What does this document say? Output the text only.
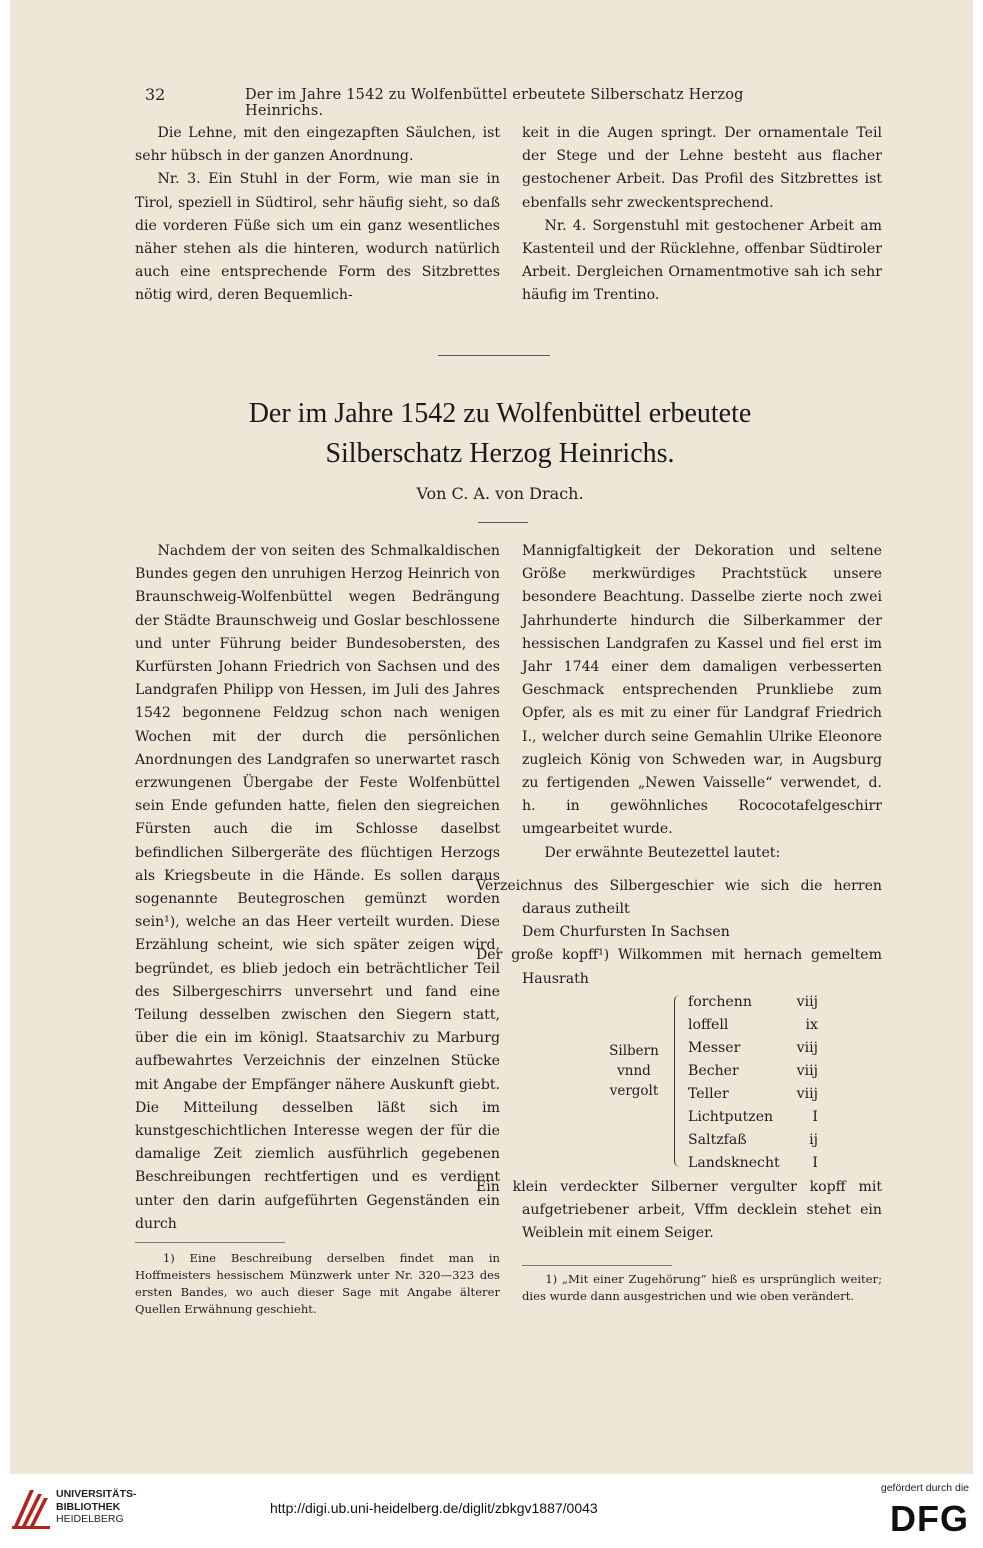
32	Der im Jahre 1542 zu Wolfenbüttel erbeutete Silberschatz Herzog Heinrichs.

Die Lehne, mit den eingezapften Säulchen, ist sehr hübsch in der ganzen Anordnung.

Nr. 3. Ein Stuhl in der Form, wie man sie in Tirol, speziell in Südtirol, sehr häufig sieht, so daß die vorderen Füße sich um ein ganz wesentliches näher stehen als die hinteren, wodurch natürlich auch eine entsprechende Form des Sitzbrettes nötig wird, deren Bequemlich-

keit in die Augen springt. Der ornamentale Teil der Stege und der Lehne besteht aus flacher gestochener Arbeit. Das Profil des Sitzbrettes ist ebenfalls sehr zweckentsprechend.

Nr. 4. Sorgenstuhl mit gestochener Arbeit am Kastenteil und der Rücklehne, offenbar Südtiroler Arbeit. Dergleichen Ornamentmotive sah ich sehr häufig im Trentino.

Der im Jahre 1542 zu Wolfenbüttel erbeutete
Silberschatz Herzog Heinrichs.
Von C. A. von Drach.

Nachdem der von seiten des Schmalkaldischen Bundes gegen den unruhigen Herzog Heinrich von Braunschweig-Wolfenbüttel wegen Bedrängung der Städte Braunschweig und Goslar beschlossene und unter Führung beider Bundesobersten, des Kurfürsten Johann Friedrich von Sachsen und des Landgrafen Philipp von Hessen, im Juli des Jahres 1542 begonnene Feldzug schon nach wenigen Wochen mit der durch die persönlichen Anordnungen des Landgrafen so unerwartet rasch erzwungenen Übergabe der Feste Wolfenbüttel sein Ende gefunden hatte, fielen den siegreichen Fürsten auch die im Schlosse daselbst befindlichen Silbergeräte des flüchtigen Herzogs als Kriegsbeute in die Hände. Es sollen daraus sogenannte Beutegroschen gemünzt worden sein¹), welche an das Heer verteilt wurden. Diese Erzählung scheint, wie sich später zeigen wird, begründet, es blieb jedoch ein beträchtlicher Teil des Silbergeschirrs unversehrt und fand eine Teilung desselben zwischen den Siegern statt, über die ein im königl. Staatsarchiv zu Marburg aufbewahrtes Verzeichnis der einzelnen Stücke mit Angabe der Empfänger nähere Auskunft giebt. Die Mitteilung desselben läßt sich im kunstgeschichtlichen Interesse wegen der für die damalige Zeit ziemlich ausführlich gegebenen Beschreibungen rechtfertigen und es verdient unter den darin aufgeführten Gegenständen ein durch

Mannigfaltigkeit der Dekoration und seltene Größe merkwürdiges Prachtstück unsere besondere Beachtung. Dasselbe zierte noch zwei Jahrhunderte hindurch die Silberkammer der hessischen Landgrafen zu Kassel und fiel erst im Jahr 1744 einer dem damaligen verbesserten Geschmack entsprechenden Prunkliebe zum Opfer, als es mit zu einer für Landgraf Friedrich I., welcher durch seine Gemahlin Ulrike Eleonore zugleich König von Schweden war, in Augsburg zu fertigenden „Newen Vaisselle“ verwendet, d. h. in gewöhnliches Rococotafelgeschirr umgearbeitet wurde.

Der erwähnte Beutezettel lautet:

Verzeichnus des Silbergeschier wie sich die herren daraus zutheilt

Dem Churfursten In Sachsen

Der große kopff¹) Wilkommen mit hernach gemeltem Hausrath

Silbern
vnnd
vergolt
forchenn	viij
loffell	ix
Messer	viij
Becher	viij
Teller	viij
Lichtputzen	I
Saltzfaß	ij
Landsknecht I

Ein klein verdeckter Silberner vergulter kopff mit aufgetriebener arbeit, Vffm decklein stehet ein Weiblein mit einem Seiger.

1) Eine Beschreibung derselben findet man in Hoffmeisters hessischem Münzwerk unter Nr. 320—323 des ersten Bandes, wo auch dieser Sage mit Angabe älterer Quellen Erwähnung geschieht.

1) „Mit einer Zugehörung“ hieß es ursprünglich weiter; dies wurde dann ausgestrichen und wie oben verändert.

UNIVERSITÄTS-
BIBLIOTHEK
HEIDELBERG
http://digi.ub.uni-heidelberg.de/diglit/zbkgv1887/0043
gefördert durch die
DFG
